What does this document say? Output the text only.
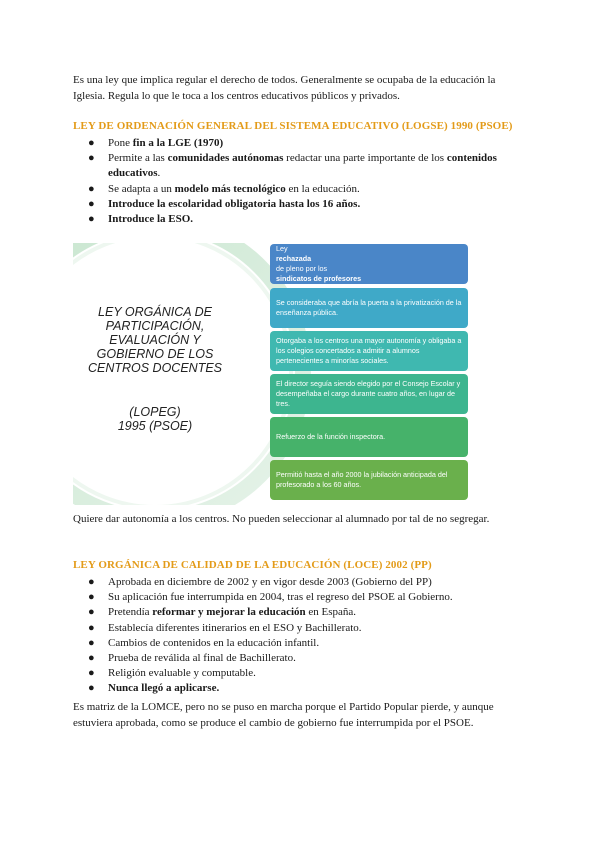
Es una ley que implica regular el derecho de todos. Generalmente se ocupaba de la educación la
Iglesia. Regula lo que le toca a los centros educativos públicos y privados.
LEY DE ORDENACIÓN GENERAL DEL SISTEMA EDUCATIVO (LOGSE) 1990 (PSOE)
● Pone fin a la LGE (1970)
● Permite a las comunidades autónomas redactar una parte importante de los contenidos
educativos.
● Se adapta a un modelo más tecnológico en la educación.
● Introduce la escolaridad obligatoria hasta los 16 años.
● Introduce la ESO.
LEY ORGÁNICA DE
PARTICIPACIÓN,
EVALUACIÓN Y
GOBIERNO DE LOS
CENTROS DOCENTES
(LOPEG)
1995 (PSOE)
Ley
rechazada
de pleno por los
sindicatos de profesores
Se consideraba que abría la puerta a la privatización de la enseñanza pública.
Otorgaba a los centros una mayor autonomía y obligaba a los colegios concertados a admitir a alumnos pertenecientes a minorías sociales.
El director seguía siendo elegido por el Consejo Escolar y desempeñaba el cargo durante cuatro años, en lugar de tres.
Refuerzo de la función inspectora.
Permitió hasta el año 2000 la jubilación anticipada del profesorado a los 60 años.
Quiere dar autonomía a los centros. No pueden seleccionar al alumnado por tal de no segregar.
LEY ORGÁNICA DE CALIDAD DE LA EDUCACIÓN (LOCE) 2002 (PP)
● Aprobada en diciembre de 2002 y en vigor desde 2003 (Gobierno del PP)
● Su aplicación fue interrumpida en 2004, tras el regreso del PSOE al Gobierno.
● Pretendía reformar y mejorar la educación en España.
● Establecía diferentes itinerarios en el ESO y Bachillerato.
● Cambios de contenidos en la educación infantil.
● Prueba de reválida al final de Bachillerato.
● Religión evaluable y computable.
● Nunca llegó a aplicarse.
Es matriz de la LOMCE, pero no se puso en marcha porque el Partido Popular pierde, y aunque
estuviera aprobada, como se produce el cambio de gobierno fue interrumpida por el PSOE.
